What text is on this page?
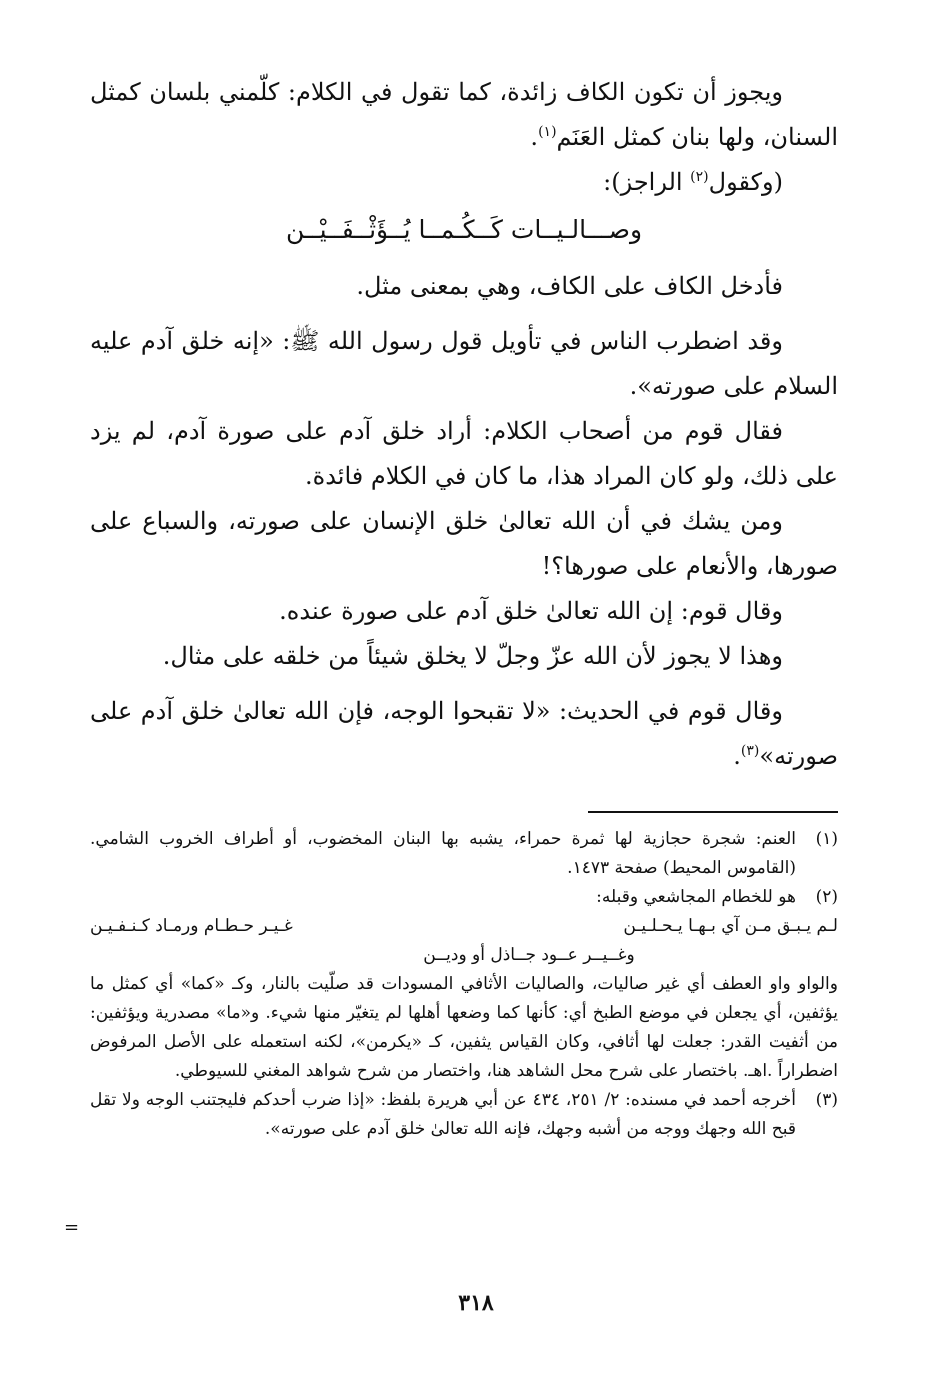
ويجوز أن تكون الكاف زائدة، كما تقول في الكلام: كلّمني بلسان كمثل السنان، ولها بنان كمثل العَنَم$^{(١)}$.

(وكقول$^{(٢)}$ الراجز):

وصـــالـيــات كَــكُـمــا يُــؤَثْــفَــيْــن

فأدخل الكاف على الكاف، وهي بمعنى مثل.

وقد اضطرب الناس في تأويل قول رسول الله ﷺ: «إنه خلق آدم عليه السلام على صورته».

فقال قوم من أصحاب الكلام: أراد خلق آدم على صورة آدم، لم يزد على ذلك، ولو كان المراد هذا، ما كان في الكلام فائدة.

ومن يشك في أن الله تعالىٰ خلق الإنسان على صورته، والسباع على صورها، والأنعام على صورها؟!

وقال قوم: إن الله تعالىٰ خلق آدم على صورة عنده.

وهذا لا يجوز لأن الله عزّ وجلّ لا يخلق شيئاً من خلقه على مثال.

وقال قوم في الحديث: «لا تقبحوا الوجه، فإن الله تعالىٰ خلق آدم على صورته»$^{(٣)}$.

(١)
العنم: شجرة حجازية لها ثمرة حمراء، يشبه بها البنان المخضوب، أو أطراف الخروب الشامي. (القاموس المحيط) صفحة ١٤٧٣.
(٢)
هو للخطام المجاشعي وقبله:
لـم يـبـق مـن آي بـهـا يـحـلـيـن
غـيـر حـطـام ورمـاد كـنـفـيـن
وغــيــر عــود جــاذل أو وديــن
والواو واو العطف أي غير صاليات، والصاليات الأثافي المسودات قد صلّيت بالنار، وكـ «كما» أي كمثل ما يؤثفين، أي يجعلن في موضع الطبخ أي: كأنها كما وضعها أهلها لم يتغيّر منها شيء. و«ما» مصدرية ويؤثفين: من أثفيت القدر: جعلت لها أثافي، وكان القياس يثفين، كـ «يكرمن»، لكنه استعمله على الأصل المرفوض اضطراراً .اهـ. باختصار على شرح محل الشاهد هنا، واختصار من شرح شواهد المغني للسيوطي.
(٣)
أخرجه أحمد في مسنده: ٢/ ٢٥١، ٤٣٤ عن أبي هريرة بلفظ: «إذا ضرب أحدكم فليجتنب الوجه ولا تقل قبح الله وجهك ووجه من أشبه وجهك، فإنه الله تعالىٰ خلق آدم على صورته».
=
٣١٨
